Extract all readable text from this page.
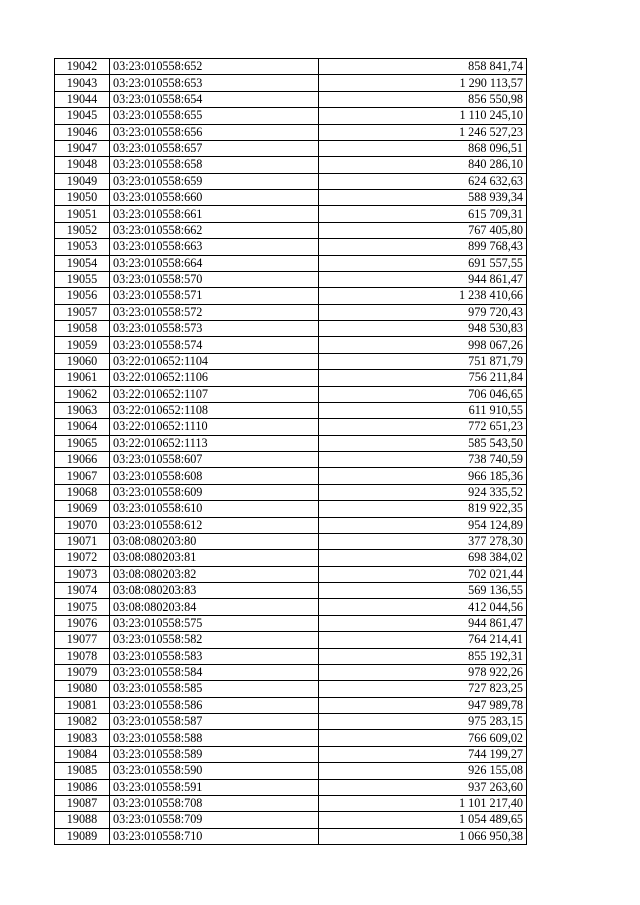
19042	03:23:010558:652	858 841,74
19043	03:23:010558:653	1 290 113,57
19044	03:23:010558:654	856 550,98
19045	03:23:010558:655	1 110 245,10
19046	03:23:010558:656	1 246 527,23
19047	03:23:010558:657	868 096,51
19048	03:23:010558:658	840 286,10
19049	03:23:010558:659	624 632,63
19050	03:23:010558:660	588 939,34
19051	03:23:010558:661	615 709,31
19052	03:23:010558:662	767 405,80
19053	03:23:010558:663	899 768,43
19054	03:23:010558:664	691 557,55
19055	03:23:010558:570	944 861,47
19056	03:23:010558:571	1 238 410,66
19057	03:23:010558:572	979 720,43
19058	03:23:010558:573	948 530,83
19059	03:23:010558:574	998 067,26
19060	03:22:010652:1104	751 871,79
19061	03:22:010652:1106	756 211,84
19062	03:22:010652:1107	706 046,65
19063	03:22:010652:1108	611 910,55
19064	03:22:010652:1110	772 651,23
19065	03:22:010652:1113	585 543,50
19066	03:23:010558:607	738 740,59
19067	03:23:010558:608	966 185,36
19068	03:23:010558:609	924 335,52
19069	03:23:010558:610	819 922,35
19070	03:23:010558:612	954 124,89
19071	03:08:080203:80	377 278,30
19072	03:08:080203:81	698 384,02
19073	03:08:080203:82	702 021,44
19074	03:08:080203:83	569 136,55
19075	03:08:080203:84	412 044,56
19076	03:23:010558:575	944 861,47
19077	03:23:010558:582	764 214,41
19078	03:23:010558:583	855 192,31
19079	03:23:010558:584	978 922,26
19080	03:23:010558:585	727 823,25
19081	03:23:010558:586	947 989,78
19082	03:23:010558:587	975 283,15
19083	03:23:010558:588	766 609,02
19084	03:23:010558:589	744 199,27
19085	03:23:010558:590	926 155,08
19086	03:23:010558:591	937 263,60
19087	03:23:010558:708	1 101 217,40
19088	03:23:010558:709	1 054 489,65
19089	03:23:010558:710	1 066 950,38
